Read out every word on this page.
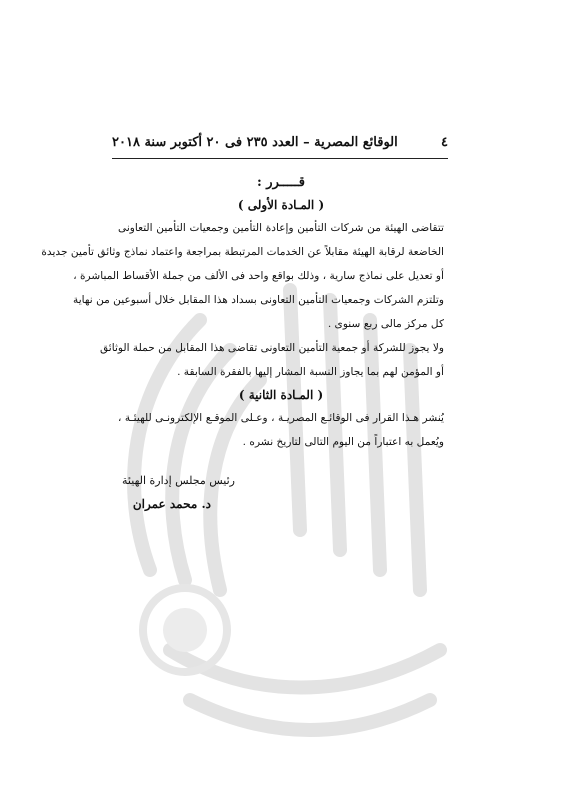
٤
الوقائع المصرية – العدد ٢٣٥ فى ٢٠ أكتوبر سنة ٢٠١٨
قـــــرر :
( المـادة الأولى )
تتقاضى الهيئة من شركات التأمين وإعادة التأمين وجمعيات التأمين التعاونى
الخاضعة لرقابة الهيئة مقابلاً عن الخدمات المرتبطة بمراجعة واعتماد نماذج وثائق تأمين جديدة
أو تعديل على نماذج سارية ، وذلك بواقع واحد فى الألف من جملة الأقساط المباشرة ،
وتلتزم الشركات وجمعيات التأمين التعاونى بسداد هذا المقابل خلال أسبوعين من نهاية
كل مركز مالى ربع سنوى .
ولا يجوز للشركة أو جمعية التأمين التعاونى تقاضى هذا المقابل من حملة الوثائق
أو المؤمن لهم بما يجاوز النسبة المشار إليها بالفقرة السابقة .
( المـادة الثانية )
يُنشر هـذا القرار فى الوقائـع المصريـة ، وعـلى الموقـع الإلكترونـى للهيئـة ،
ويُعمل به اعتباراً من اليوم التالى لتاريخ نشره .
رئيس مجلس إدارة الهيئة
د. محمد عمران
